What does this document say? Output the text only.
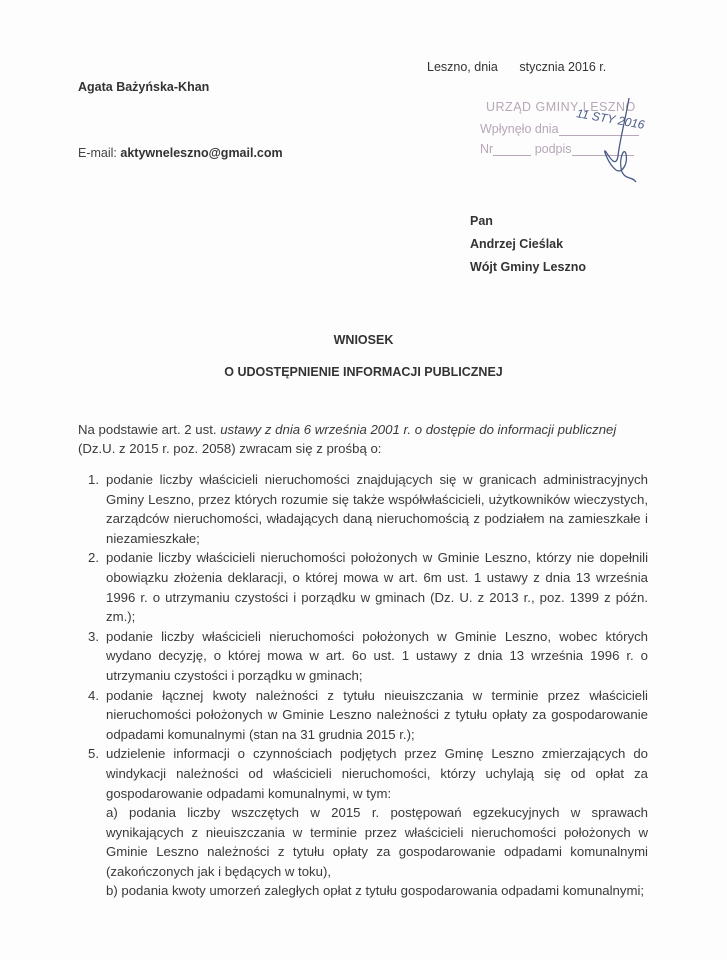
Agata Bażyńska-Khan
E-mail: aktywneleszno@gmail.com
Leszno, dnia stycznia 2016 r.
URZĄD GMINY LESZNO
Wpłynęło dnia
Nr	podpis
11 STY 2016
Pan
Andrzej Cieślak
Wójt Gminy Leszno
WNIOSEK
O UDOSTĘPNIENIE INFORMACJI PUBLICZNEJ
Na podstawie art. 2 ust. ustawy z dnia 6 września 2001 r. o dostępie do informacji publicznej (Dz.U. z 2015 r. poz. 2058) zwracam się z prośbą o:
1. podanie liczby właścicieli nieruchomości znajdujących się w granicach administracyjnych Gminy Leszno, przez których rozumie się także współwłaścicieli, użytkowników wieczystych, zarządców nieruchomości, władających daną nieruchomością z podziałem na zamieszkałe i niezamieszkałe;
2. podanie liczby właścicieli nieruchomości położonych w Gminie Leszno, którzy nie dopełnili obowiązku złożenia deklaracji, o której mowa w art. 6m ust. 1 ustawy z dnia 13 września 1996 r. o utrzymaniu czystości i porządku w gminach (Dz. U. z 2013 r., poz. 1399 z późn. zm.);
3. podanie liczby właścicieli nieruchomości położonych w Gminie Leszno, wobec których wydano decyzję, o której mowa w art. 6o ust. 1 ustawy z dnia 13 września 1996 r. o utrzymaniu czystości i porządku w gminach;
4. podanie łącznej kwoty należności z tytułu nieuiszczania w terminie przez właścicieli nieruchomości położonych w Gminie Leszno należności z tytułu opłaty za gospodarowanie odpadami komunalnymi (stan na 31 grudnia 2015 r.);
5. udzielenie informacji o czynnościach podjętych przez Gminę Leszno zmierzających do windykacji należności od właścicieli nieruchomości, którzy uchylają się od opłat za gospodarowanie odpadami komunalnymi, w tym:
a) podania liczby wszczętych w 2015 r. postępowań egzekucyjnych w sprawach wynikających z nieuiszczania w terminie przez właścicieli nieruchomości położonych w Gminie Leszno należności z tytułu opłaty za gospodarowanie odpadami komunalnymi (zakończonych jak i będących w toku),
b) podania kwoty umorzeń zaległych opłat z tytułu gospodarowania odpadami komunalnymi;
